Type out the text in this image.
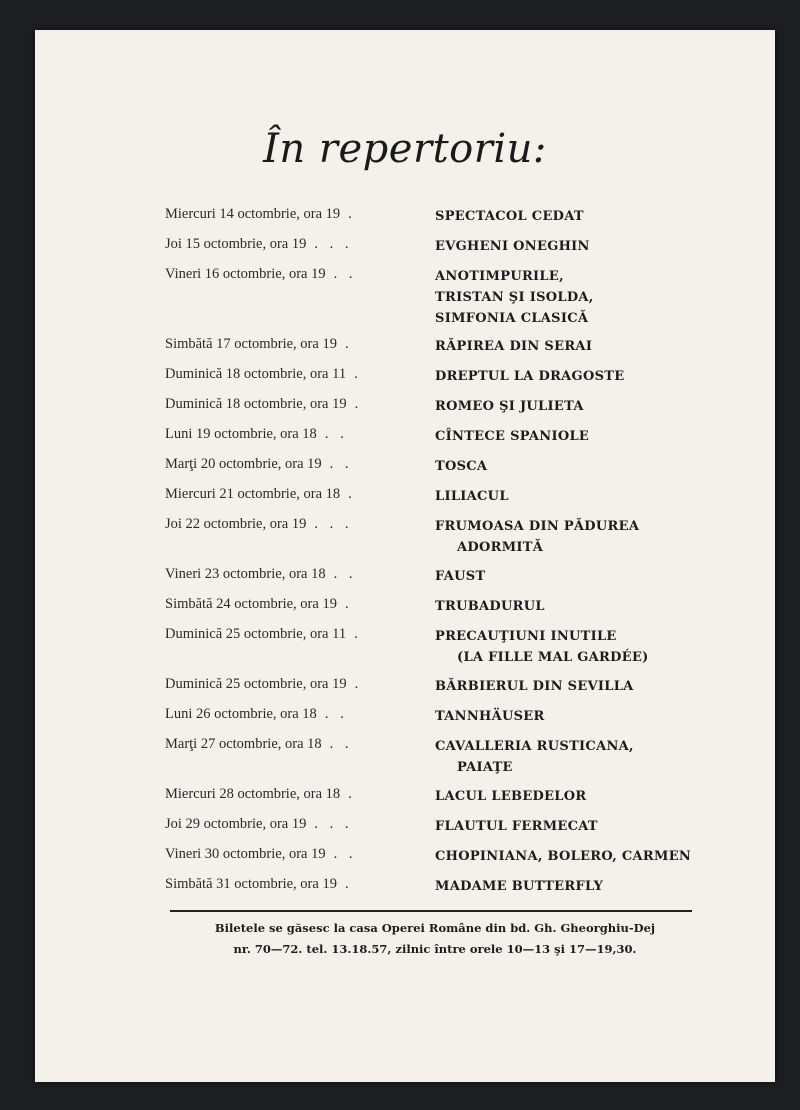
În repertoriu:
Miercuri 14 octombrie, ora 19 .	SPECTACOL CEDAT
Joi 15 octombrie, ora 19 . . .	EVGHENI ONEGHIN
Vineri 16 octombrie, ora 19 . .	ANOTIMPURILE,
TRISTAN ŞI ISOLDA,
SIMFONIA CLASICĂ
Simbătă 17 octombrie, ora 19 .	RĂPIREA DIN SERAI
Duminică 18 octombrie, ora 11 .	DREPTUL LA DRAGOSTE
Duminică 18 octombrie, ora 19 .	ROMEO ŞI JULIETA
Luni 19 octombrie, ora 18 . .	CÎNTECE SPANIOLE
Marţi 20 octombrie, ora 19 . .	TOSCA
Miercuri 21 octombrie, ora 18 .	LILIACUL
Joi 22 octombrie, ora 19 . . .	FRUMOASA DIN PĂDUREA
ADORMITĂ
Vineri 23 octombrie, ora 18 . .	FAUST
Simbătă 24 octombrie, ora 19 .	TRUBADURUL
Duminică 25 octombrie, ora 11 .	PRECAUŢIUNI INUTILE
(LA FILLE MAL GARDÉE)
Duminică 25 octombrie, ora 19 .	BĂRBIERUL DIN SEVILLA
Luni 26 octombrie, ora 18 . .	TANNHÄUSER
Marţi 27 octombrie, ora 18 . .	CAVALLERIA RUSTICANA,
PAIAŢE
Miercuri 28 octombrie, ora 18 .	LACUL LEBEDELOR
Joi 29 octombrie, ora 19 . . .	FLAUTUL FERMECAT
Vineri 30 octombrie, ora 19 . .	CHOPINIANA, BOLERO, CARMEN
Simbătă 31 octombrie, ora 19 .	MADAME BUTTERFLY
Biletele se găsesc la casa Operei Române din bd. Gh. Gheorghiu-Dej
nr. 70—72. tel. 13.18.57, zilnic între orele 10—13 şi 17—19,30.
